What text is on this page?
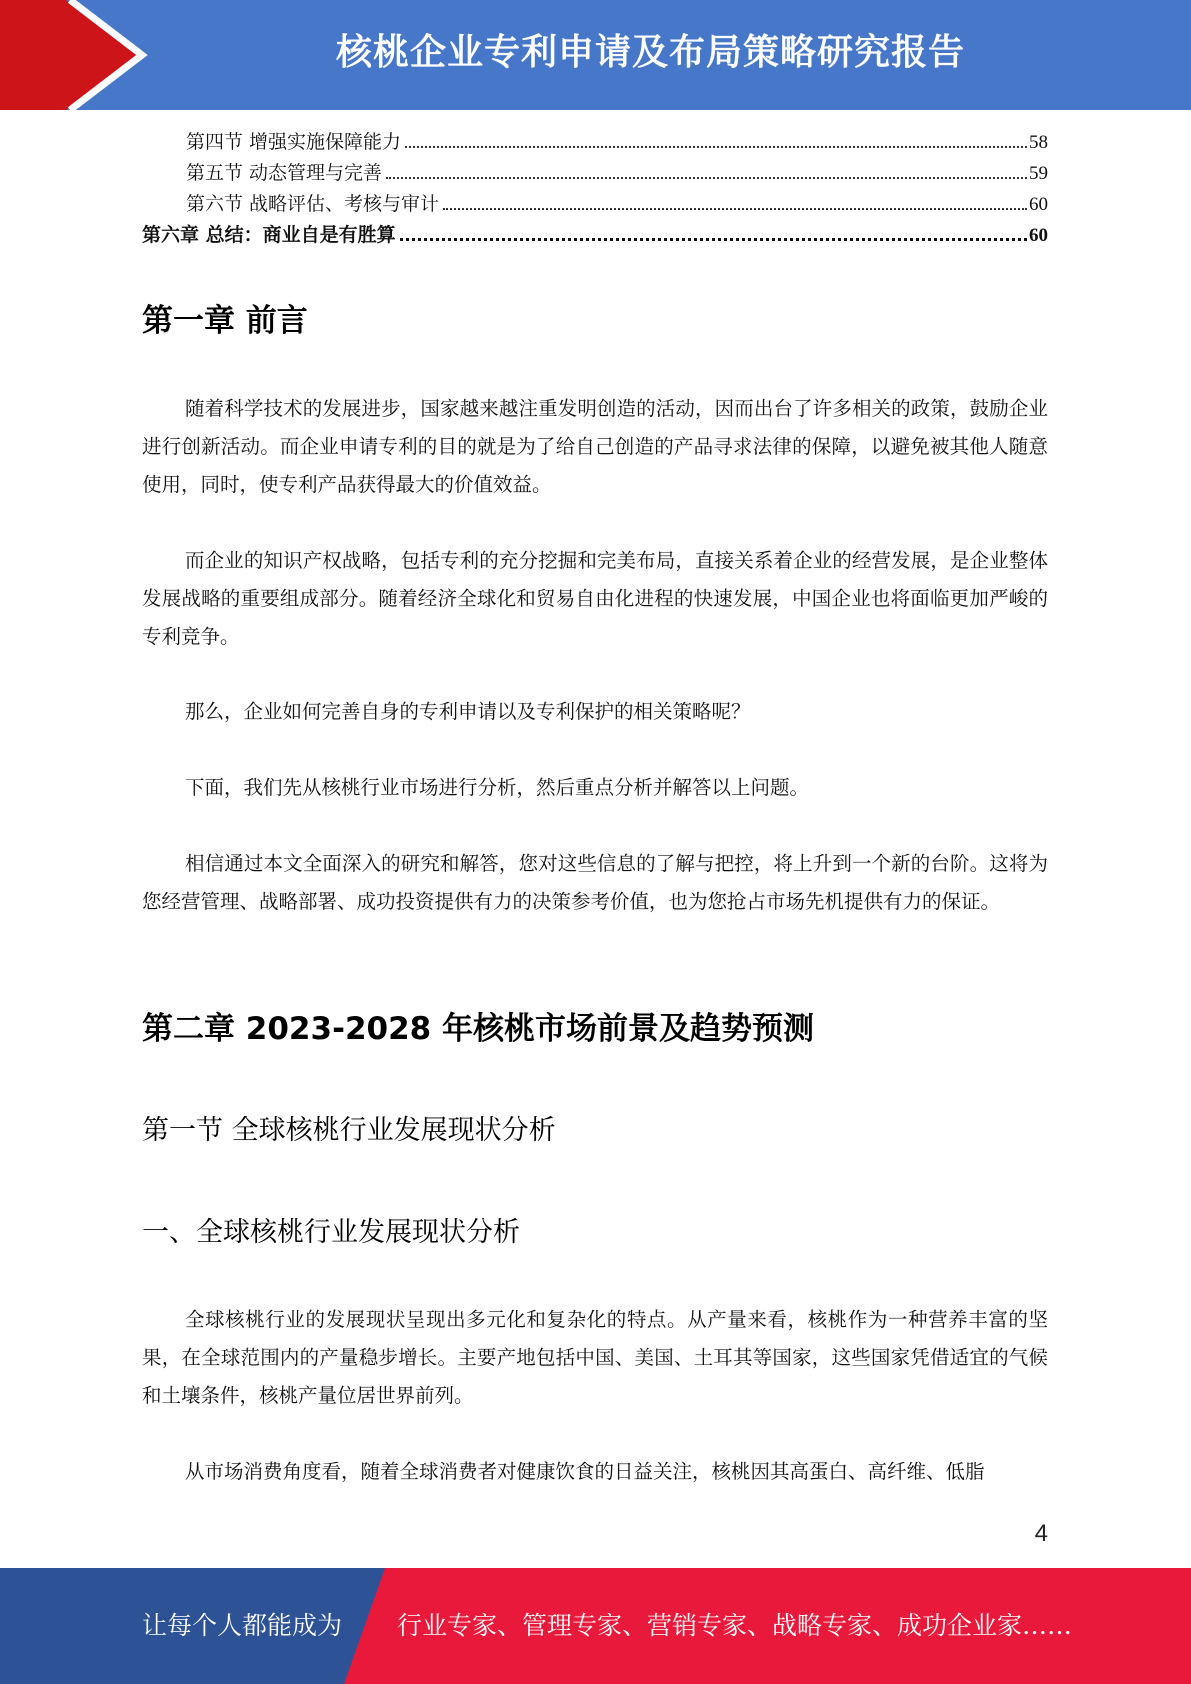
核桃企业专利申请及布局策略研究报告
第四节 增强实施保障能力	58
第五节 动态管理与完善	59
第六节 战略评估、考核与审计	60
第六章 总结：商业自是有胜算	60
第一章 前言

随着科学技术的发展进步，国家越来越注重发明创造的活动，因而出台了许多相关的政策，鼓励企业进行创新活动。而企业申请专利的目的就是为了给自己创造的产品寻求法律的保障，以避免被其他人随意使用，同时，使专利产品获得最大的价值效益。

而企业的知识产权战略，包括专利的充分挖掘和完美布局，直接关系着企业的经营发展，是企业整体发展战略的重要组成部分。随着经济全球化和贸易自由化进程的快速发展，中国企业也将面临更加严峻的专利竞争。

那么，企业如何完善自身的专利申请以及专利保护的相关策略呢？

下面，我们先从核桃行业市场进行分析，然后重点分析并解答以上问题。

相信通过本文全面深入的研究和解答，您对这些信息的了解与把控，将上升到一个新的台阶。这将为您经营管理、战略部署、成功投资提供有力的决策参考价值，也为您抢占市场先机提供有力的保证。

第二章 2023-2028 年核桃市场前景及趋势预测
第一节 全球核桃行业发展现状分析
一、全球核桃行业发展现状分析

全球核桃行业的发展现状呈现出多元化和复杂化的特点。从产量来看，核桃作为一种营养丰富的坚果，在全球范围内的产量稳步增长。主要产地包括中国、美国、土耳其等国家，这些国家凭借适宜的气候和土壤条件，核桃产量位居世界前列。

从市场消费角度看，随着全球消费者对健康饮食的日益关注，核桃因其高蛋白、高纤维、低脂

4
让每个人都能成为 行业专家、管理专家、营销专家、战略专家、成功企业家……
